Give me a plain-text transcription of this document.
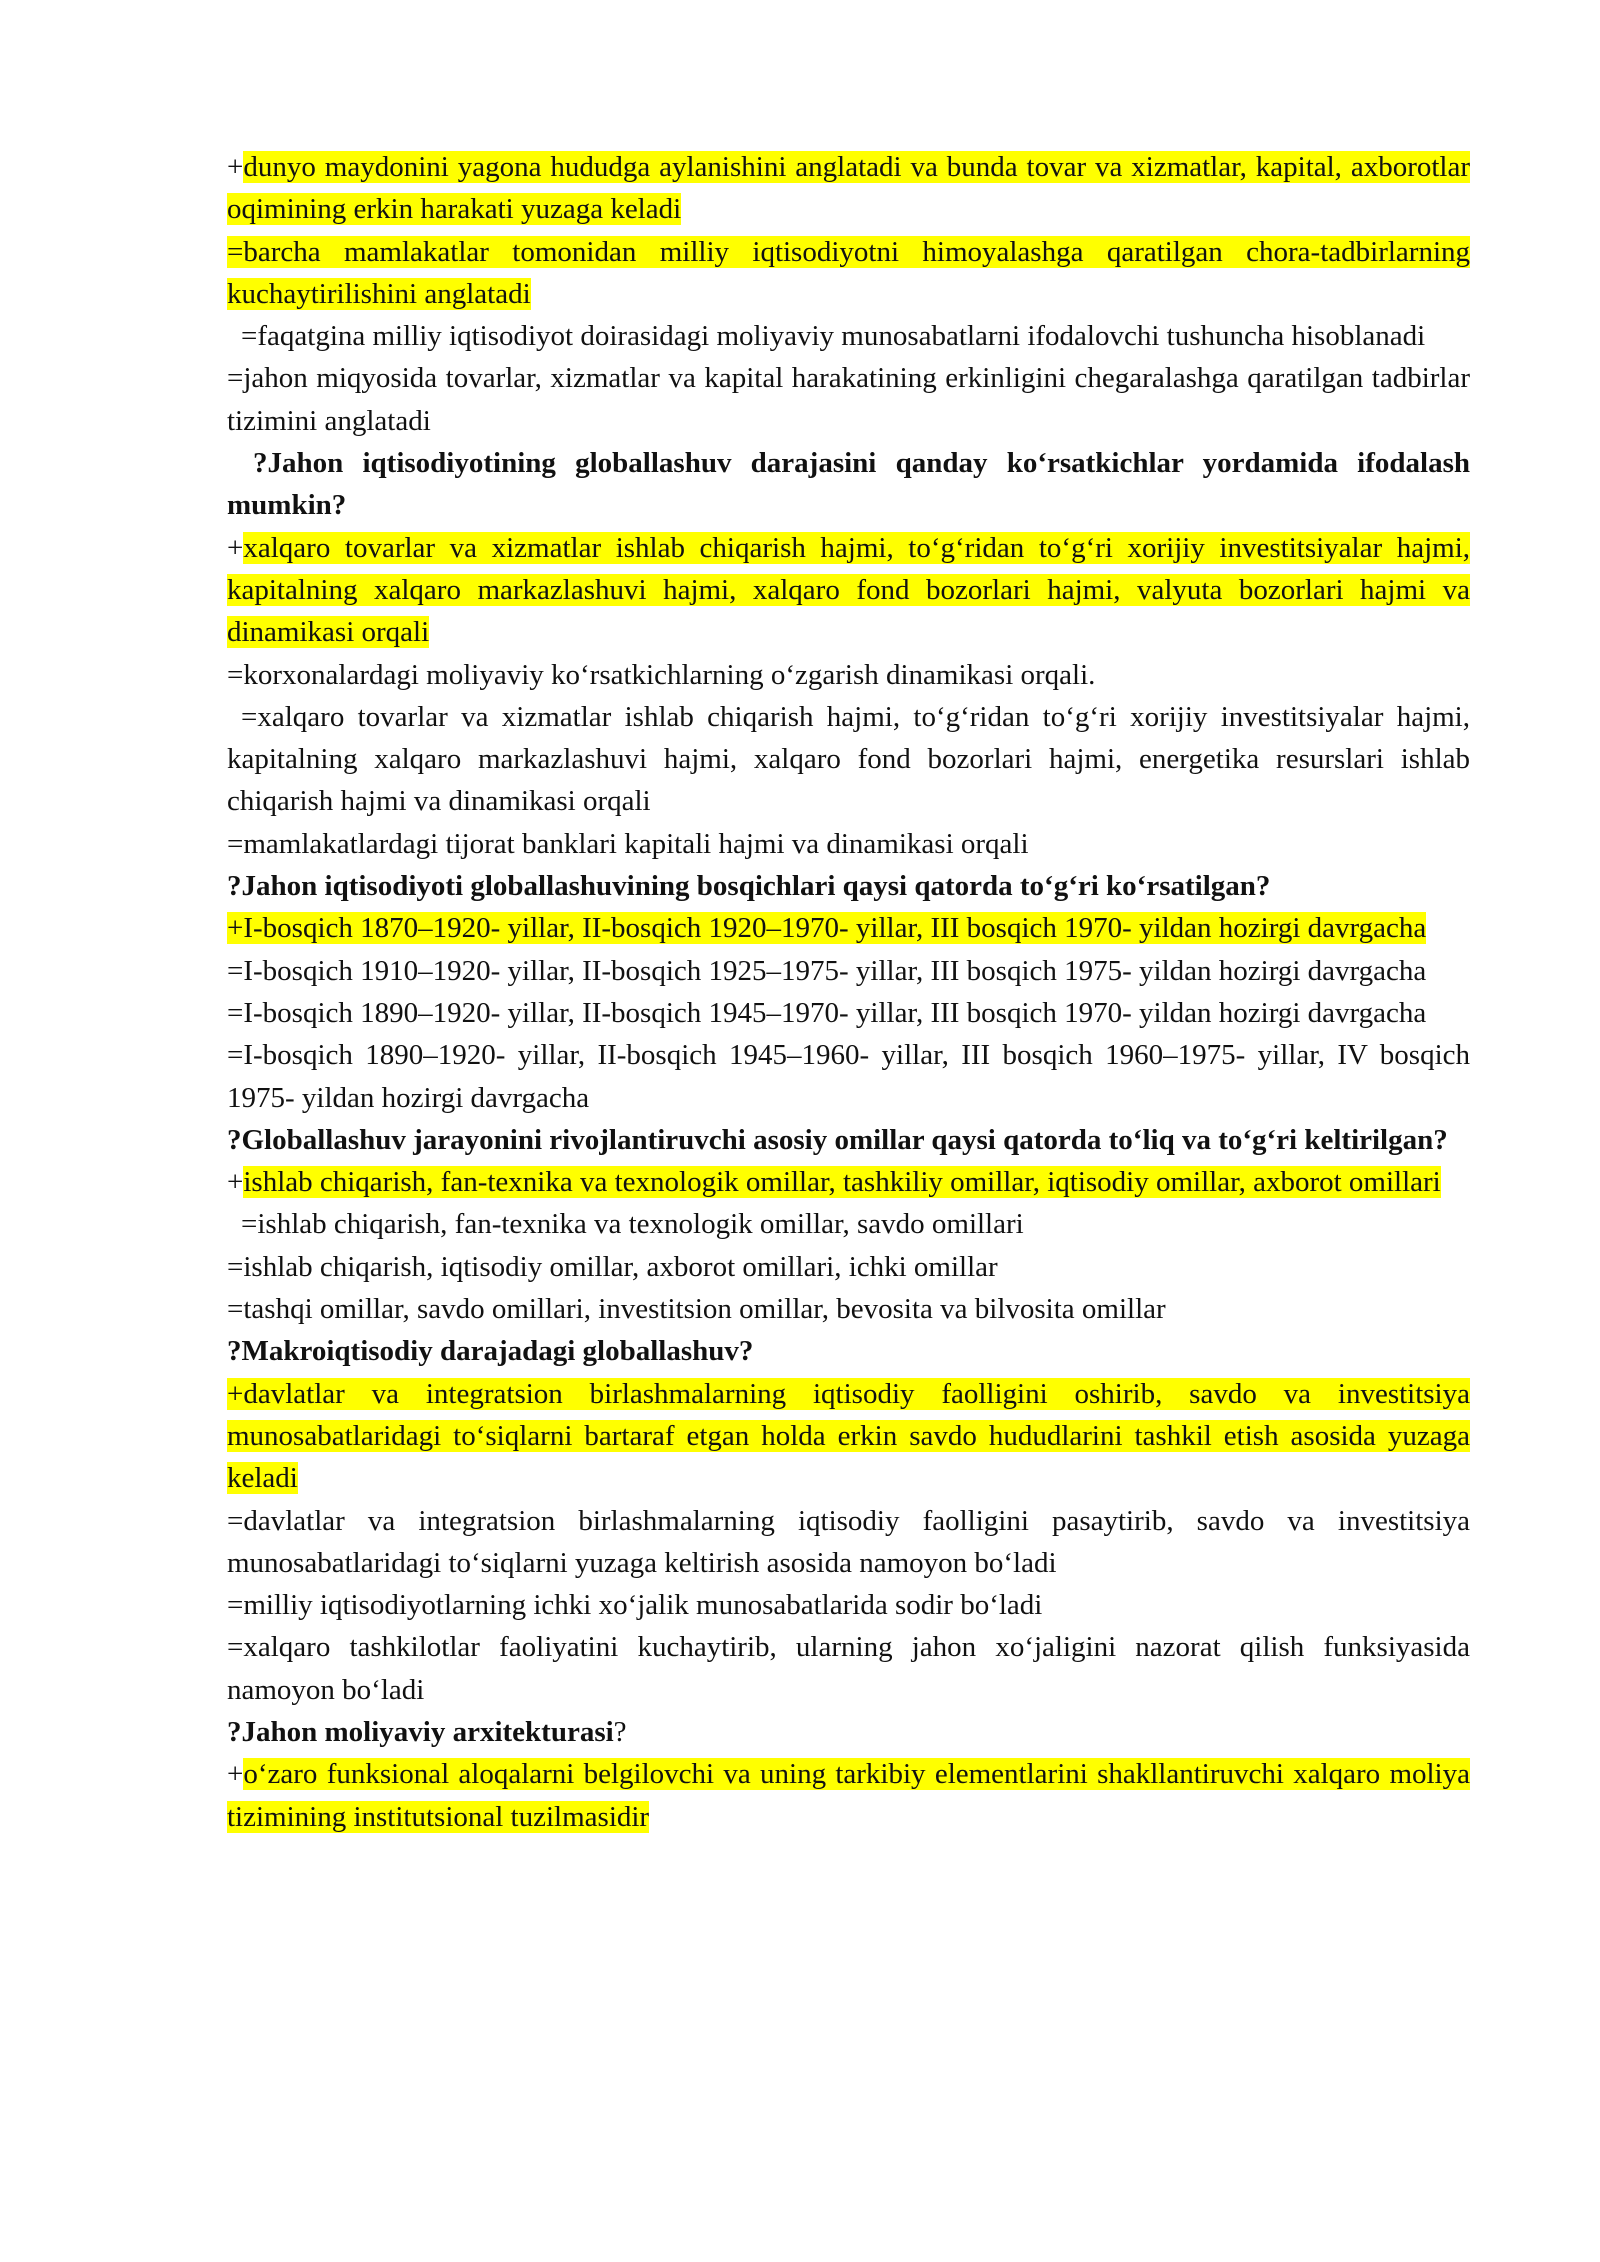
+dunyo maydonini yagona hududga aylanishini anglatadi va bunda tovar va xizmatlar, kapital, axborotlar oqimining erkin harakati yuzaga keladi

=barcha mamlakatlar tomonidan milliy iqtisodiyotni himoyalashga qaratilgan chora-tadbirlarning kuchaytirilishini anglatadi

=faqatgina milliy iqtisodiyot doirasidagi moliyaviy munosabatlarni ifodalovchi tushuncha hisoblanadi

=jahon miqyosida tovarlar, xizmatlar va kapital harakatining erkinligini chegaralashga qaratilgan tadbirlar tizimini anglatadi

?Jahon iqtisodiyotining globallashuv darajasini qanday ko‘rsatkichlar yordamida ifodalash mumkin?

+xalqaro tovarlar va xizmatlar ishlab chiqarish hajmi, to‘g‘ridan to‘g‘ri xorijiy investitsiyalar hajmi, kapitalning xalqaro markazlashuvi hajmi, xalqaro fond bozorlari hajmi, valyuta bozorlari hajmi va dinamikasi orqali

=korxonalardagi moliyaviy ko‘rsatkichlarning o‘zgarish dinamikasi orqali.

=xalqaro tovarlar va xizmatlar ishlab chiqarish hajmi, to‘g‘ridan to‘g‘ri xorijiy investitsiyalar hajmi, kapitalning xalqaro markazlashuvi hajmi, xalqaro fond bozorlari hajmi, energetika resurslari ishlab chiqarish hajmi va dinamikasi orqali

=mamlakatlardagi tijorat banklari kapitali hajmi va dinamikasi orqali

?Jahon iqtisodiyoti globallashuvining bosqichlari qaysi qatorda to‘g‘ri ko‘rsatilgan?

+I-bosqich 1870–1920- yillar, II-bosqich 1920–1970- yillar, III bosqich 1970- yildan hozirgi davrgacha

=I-bosqich 1910–1920- yillar, II-bosqich 1925–1975- yillar, III bosqich 1975- yildan hozirgi davrgacha

=I-bosqich 1890–1920- yillar, II-bosqich 1945–1970- yillar, III bosqich 1970- yildan hozirgi davrgacha

=I-bosqich 1890–1920- yillar, II-bosqich 1945–1960- yillar, III bosqich 1960–1975- yillar, IV bosqich 1975- yildan hozirgi davrgacha

?Globallashuv jarayonini rivojlantiruvchi asosiy omillar qaysi qatorda to‘liq va to‘g‘ri keltirilgan?

+ishlab chiqarish, fan-texnika va texnologik omillar, tashkiliy omillar, iqtisodiy omillar, axborot omillari

=ishlab chiqarish, fan-texnika va texnologik omillar, savdo omillari

=ishlab chiqarish, iqtisodiy omillar, axborot omillari, ichki omillar

=tashqi omillar, savdo omillari, investitsion omillar, bevosita va bilvosita omillar

?Makroiqtisodiy darajadagi globallashuv?

+davlatlar va integratsion birlashmalarning iqtisodiy faolligini oshirib, savdo va investitsiya munosabatlaridagi to‘siqlarni bartaraf etgan holda erkin savdo hududlarini tashkil etish asosida yuzaga keladi

=davlatlar va integratsion birlashmalarning iqtisodiy faolligini pasaytirib, savdo va investitsiya munosabatlaridagi to‘siqlarni yuzaga keltirish asosida namoyon bo‘ladi

=milliy iqtisodiyotlarning ichki xo‘jalik munosabatlarida sodir bo‘ladi

=xalqaro tashkilotlar faoliyatini kuchaytirib, ularning jahon xo‘jaligini nazorat qilish funksiyasida namoyon bo‘ladi

?Jahon moliyaviy arxitekturasi?

+o‘zaro funksional aloqalarni belgilovchi va uning tarkibiy elementlarini shakllantiruvchi xalqaro moliya tizimining institutsional tuzilmasidir
